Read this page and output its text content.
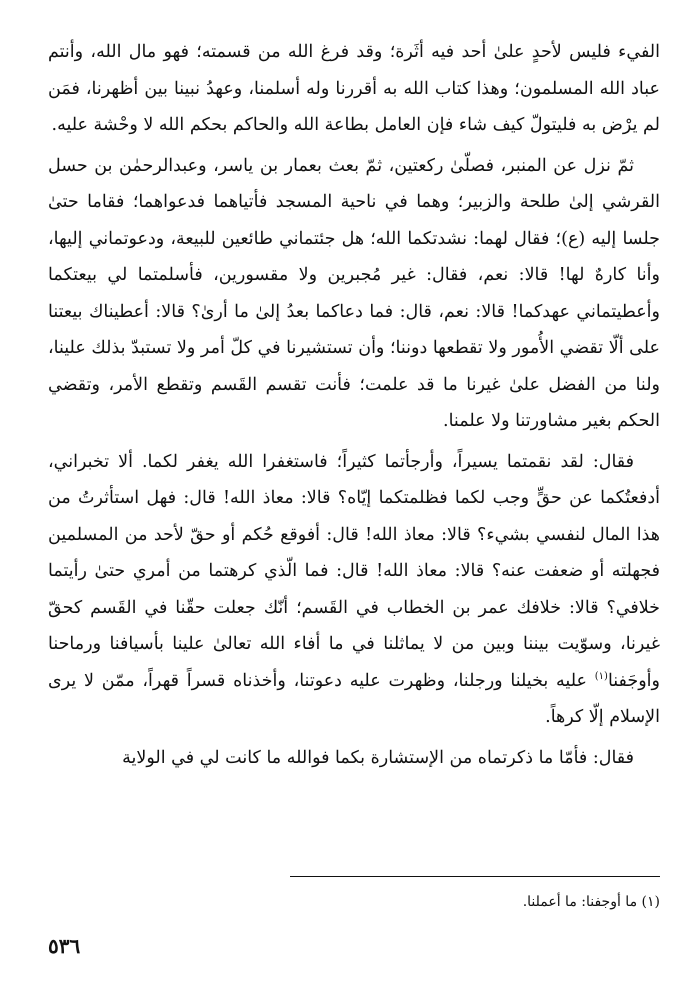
الفيء فليس لأحدٍ علىٰ أحد فيه أثَرة؛ وقد فرغ الله من قسمته؛ فهو مال الله، وأنتم عباد الله المسلمون؛ وهذا كتاب الله به أقررنا وله أسلمنا، وعهدُ نبينا بين أظهرنا، فمَن لم يرْض به فليتولّ كيف شاء فإن العامل بطاعة الله والحاكم بحكم الله لا وحْشة عليه.

ثمّ نزل عن المنبر، فصلّىٰ ركعتين، ثمّ بعث بعمار بن ياسر، وعبدالرحمٰن بن حسل القرشي إلىٰ طلحة والزبير؛ وهما في ناحية المسجد فأتياهما فدعواهما؛ فقاما حتىٰ جلسا إليه (ع)؛ فقال لهما: نشدتكما الله؛ هل جئتماني طائعين للبيعة، ودعوتماني إليها، وأنا كارهٌ لها! قالا: نعم، فقال: غير مُجبرين ولا مقسورين، فأسلمتما لي بيعتكما وأعطيتماني عهدكما! قالا: نعم، قال: فما دعاكما بعدُ إلىٰ ما أرىٰ؟ قالا: أعطيناك بيعتنا على ألّا تقضي الأُمور ولا تقطعها دوننا؛ وأن تستشيرنا في كلّ أمر ولا تستبدّ بذلك علينا، ولنا من الفضل علىٰ غيرنا ما قد علمت؛ فأنت تقسم القَسم وتقطع الأمر، وتقضي الحكم بغير مشاورتنا ولا علمنا.

فقال: لقد نقمتما يسيراً، وأرجأتما كثيراً؛ فاستغفرا الله يغفر لكما. ألا تخبراني، أدفعتُكما عن حقٍّ وجب لكما فظلمتكما إيّاه؟ قالا: معاذ الله! قال: فهل استأثرتُ من هذا المال لنفسي بشيء؟ قالا: معاذ الله! قال: أفوقع حُكم أو حقّ لأحد من المسلمين فجهلته أو ضعفت عنه؟ قالا: معاذ الله! قال: فما الّذي كرهتما من أمري حتىٰ رأيتما خلافي؟ قالا: خلافك عمر بن الخطاب في القَسم؛ أنّك جعلت حقّنا في القَسم كحقّ غيرنا، وسوّيت بيننا وبين من لا يماثلنا في ما أفاء الله تعالىٰ علينا بأسيافنا ورماحنا وأوجَفنا$^{(١)}$ عليه بخيلنا ورجلنا، وظهرت عليه دعوتنا، وأخذناه قسراً قهراً، ممّن لا يرى الإسلام إلّا كرهاً.

فقال: فأمّا ما ذكرتماه من الإستشارة بكما فوالله ما كانت لي في الولاية

(١) ما أوجفنا: ما أعملنا.
٥٣٦
